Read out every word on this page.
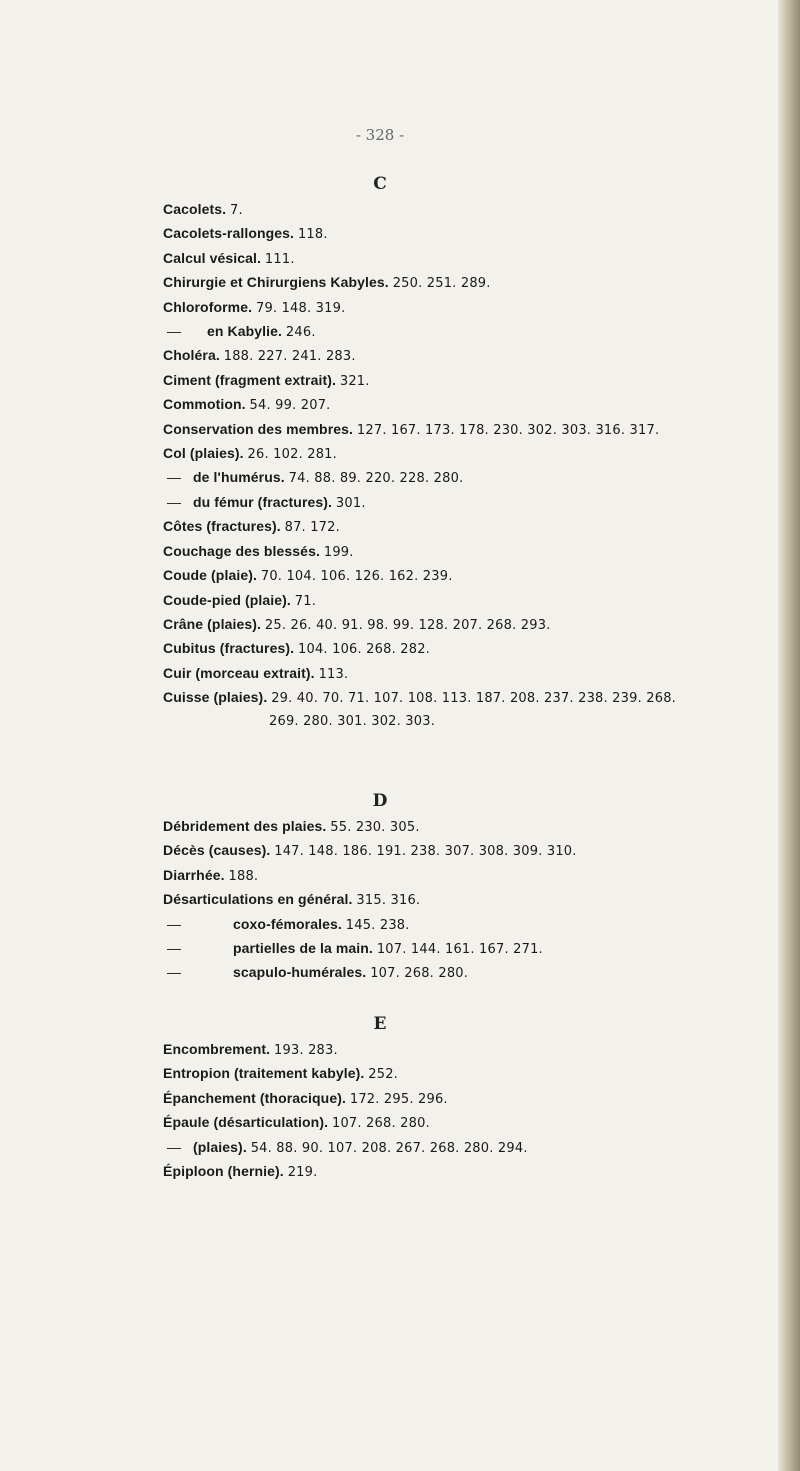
- 328 -
C
Cacolets. 7.
Cacolets-rallonges. 118.
Calcul vésical. 111.
Chirurgie et Chirurgiens Kabyles. 250. 251. 289.
Chloroforme. 79. 148. 319.
— en Kabylie. 246.
Choléra. 188. 227. 241. 283.
Ciment (fragment extrait). 321.
Commotion. 54. 99. 207.
Conservation des membres. 127. 167. 173. 178. 230. 302. 303. 316. 317.
Col (plaies). 26. 102. 281.
— de l'humérus. 74. 88. 89. 220. 228. 280.
— du fémur (fractures). 301.
Côtes (fractures). 87. 172.
Couchage des blessés. 199.
Coude (plaie). 70. 104. 106. 126. 162. 239.
Coude-pied (plaie). 71.
Crâne (plaies). 25. 26. 40. 91. 98. 99. 128. 207. 268. 293.
Cubitus (fractures). 104. 106. 268. 282.
Cuir (morceau extrait). 113.
Cuisse (plaies). 29. 40. 70. 71. 107. 108. 113. 187. 208. 237. 238. 239. 268.
269. 280. 301. 302. 303.
D
Débridement des plaies. 55. 230. 305.
Décès (causes). 147. 148. 186. 191. 238. 307. 308. 309. 310.
Diarrhée. 188.
Désarticulations en général. 315. 316.
—	coxo-fémorales. 145. 238.
—	partielles de la main. 107. 144. 161. 167. 271.
—	scapulo-humérales. 107. 268. 280.
E
Encombrement. 193. 283.
Entropion (traitement kabyle). 252.
Épanchement (thoracique). 172. 295. 296.
Épaule (désarticulation). 107. 268. 280.
— (plaies). 54. 88. 90. 107. 208. 267. 268. 280. 294.
Épiploon (hernie). 219.
